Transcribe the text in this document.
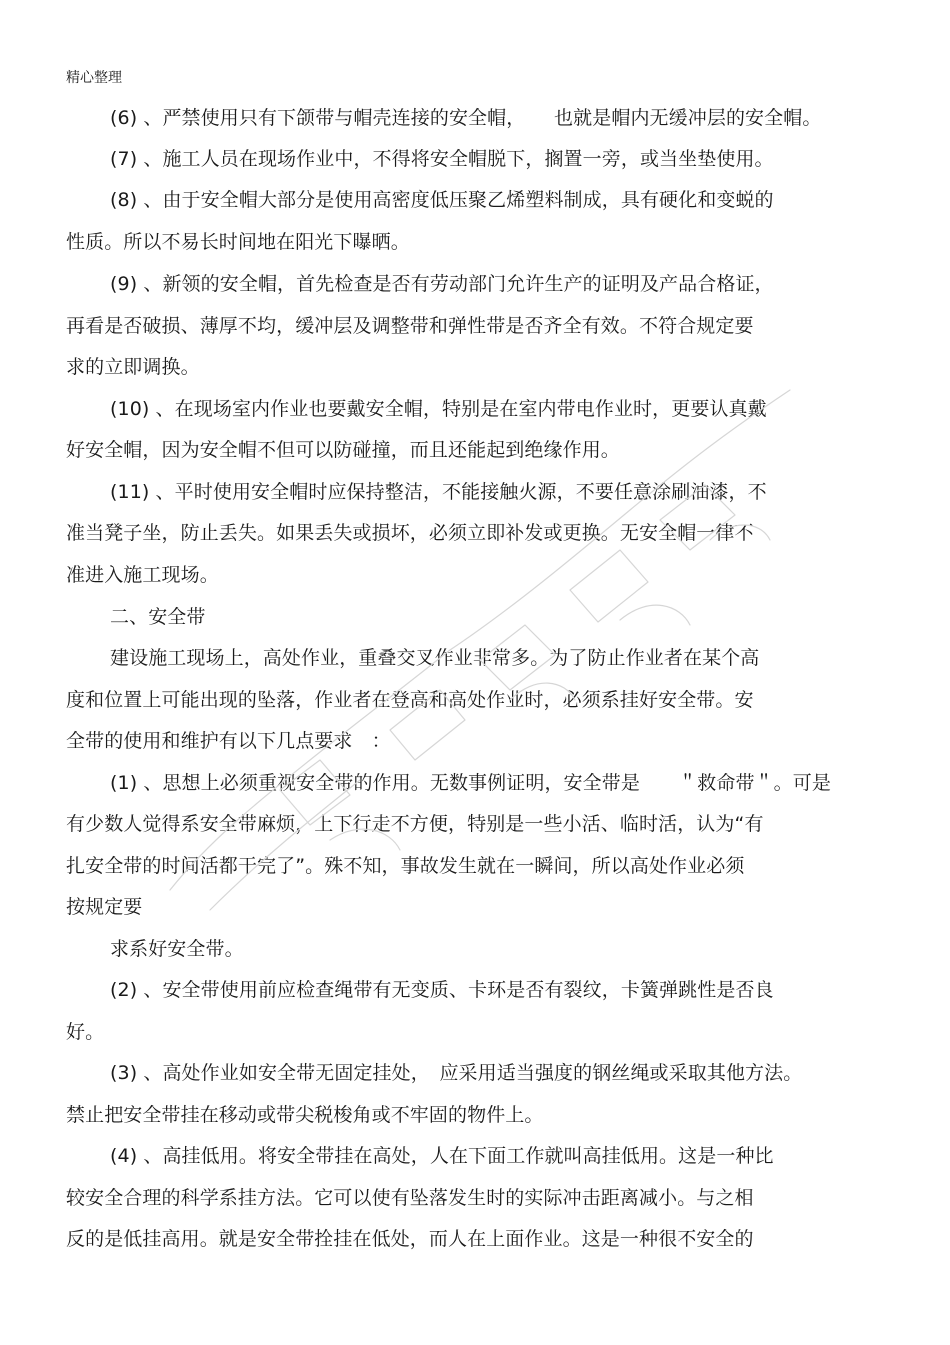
精心整理
(6) 、严禁使用只有下颌带与帽壳连接的安全帽，　　也就是帽内无缓冲层的安全帽。
(7) 、施工人员在现场作业中，不得将安全帽脱下，搁置一旁，或当坐垫使用。
(8) 、由于安全帽大部分是使用高密度低压聚乙烯塑料制成，具有硬化和变蜕的
性质。所以不易长时间地在阳光下曝晒。
(9) 、新领的安全帽，首先检查是否有劳动部门允许生产的证明及产品合格证，
再看是否破损、薄厚不均，缓冲层及调整带和弹性带是否齐全有效。不符合规定要
求的立即调换。
(10) 、在现场室内作业也要戴安全帽，特别是在室内带电作业时，更要认真戴
好安全帽，因为安全帽不但可以防碰撞，而且还能起到绝缘作用。
(11) 、平时使用安全帽时应保持整洁，不能接触火源，不要任意涂刷油漆，不
准当凳子坐，防止丢失。如果丢失或损坏，必须立即补发或更换。无安全帽一律不
准进入施工现场。
二、安全带
建设施工现场上，高处作业，重叠交叉作业非常多。为了防止作业者在某个高
度和位置上可能出现的坠落，作业者在登高和高处作业时，必须系挂好安全带。安
全带的使用和维护有以下几点要求　：
(1) 、思想上必须重视安全带的作用。无数事例证明，安全带是　　＂救命带＂。可是
有少数人觉得系安全带麻烦，上下行走不方便，特别是一些小活、临时活，认为“有
扎安全带的时间活都干完了”。殊不知，事故发生就在一瞬间，所以高处作业必须
按规定要
求系好安全带。
(2) 、安全带使用前应检查绳带有无变质、卡环是否有裂纹，卡簧弹跳性是否良
好。
(3) 、高处作业如安全带无固定挂处，　应采用适当强度的钢丝绳或采取其他方法。
禁止把安全带挂在移动或带尖税梭角或不牢固的物件上。
(4) 、高挂低用。将安全带挂在高处，人在下面工作就叫高挂低用。这是一种比
较安全合理的科学系挂方法。它可以使有坠落发生时的实际冲击距离减小。与之相
反的是低挂高用。就是安全带拴挂在低处，而人在上面作业。这是一种很不安全的
